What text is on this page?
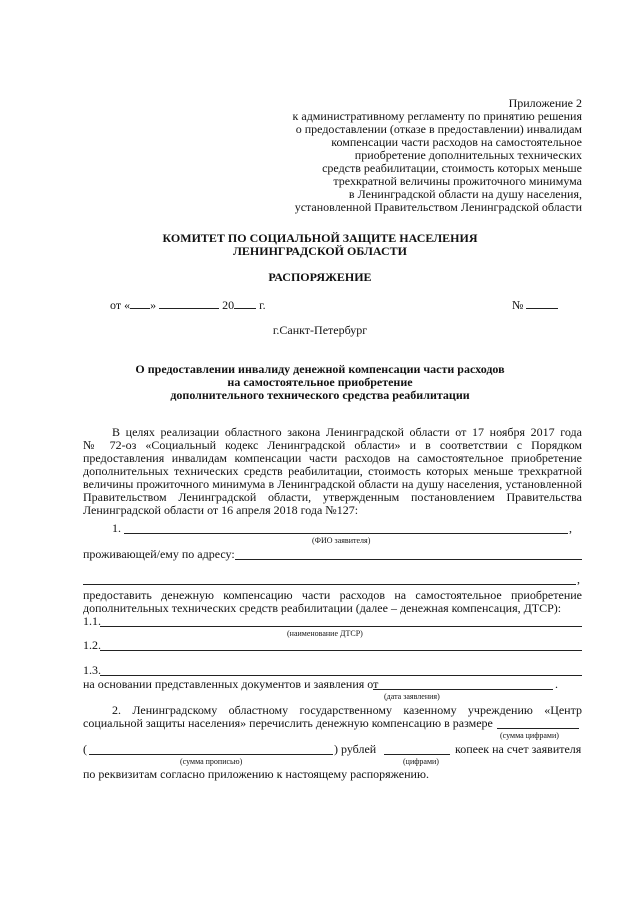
Приложение 2
к административному регламенту по принятию решения
о предоставлении (отказе в предоставлении) инвалидам
компенсации части расходов на самостоятельное
приобретение дополнительных технических
средств реабилитации, стоимость которых меньше
трехкратной величины прожиточного минимума
в Ленинградской области на душу населения,
установленной Правительством Ленинградской области
КОМИТЕТ ПО СОЦИАЛЬНОЙ ЗАЩИТЕ НАСЕЛЕНИЯ
ЛЕНИНГРАДСКОЙ ОБЛАСТИ
РАСПОРЯЖЕНИЕ
от « »	20 г.	№
г.Санкт-Петербург
О предоставлении инвалиду денежной компенсации части расходов
на самостоятельное приобретение
дополнительного технического средства реабилитации
В целях реализации областного закона Ленинградской области от 17 ноября 2017 года
№ 72-оз «Социальный кодекс Ленинградской области» и в соответствии с Порядком
предоставления инвалидам компенсации части расходов на самостоятельное приобретение
дополнительных технических средств реабилитации, стоимость которых меньше трехкратной
величины прожиточного минимума в Ленинградской области на душу населения, установленной
Правительством Ленинградской области, утвержденным постановлением Правительства
Ленинградской области от 16 апреля 2018 года №127:
1.	,
(ФИО заявителя)
проживающей/ему по адресу:
,
предоставить денежную компенсацию части расходов на самостоятельное приобретение
дополнительных технических средств реабилитации (далее – денежная компенсация, ДТСР):
1.1.
(наименование ДТСР)
1.2.
1.3.
на основании представленных документов и заявления от	.
(дата заявления)
2. Ленинградскому областному государственному казенному учреждению «Центр
социальной защиты населения» перечислить денежную компенсацию в размере
(сумма цифрами)
(	) рублей	копеек на счет заявителя
(сумма прописью)	(цифрами)
по реквизитам согласно приложению к настоящему распоряжению.
